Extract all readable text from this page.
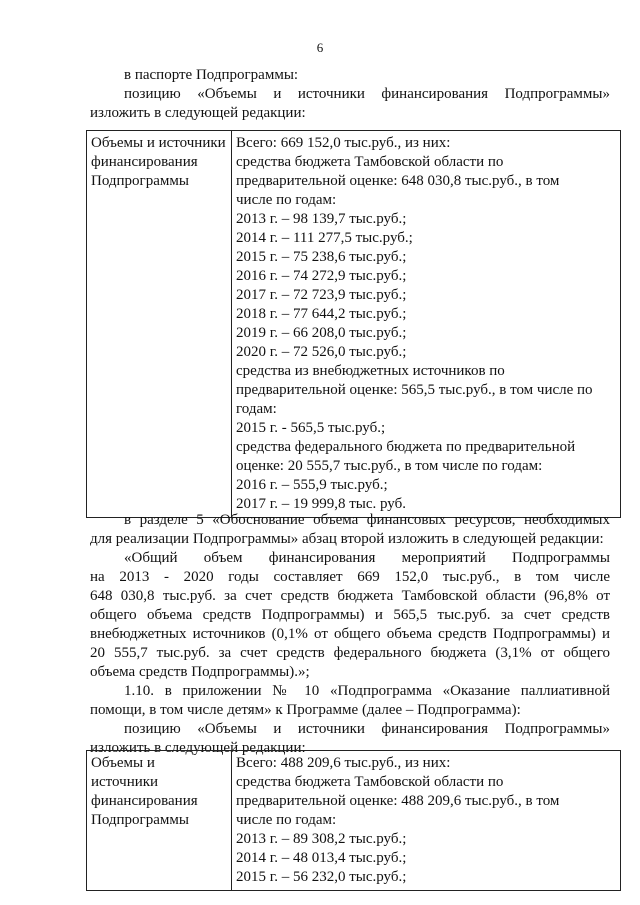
6
в паспорте Подпрограммы:
позицию «Объемы и источники финансирования Подпрограммы»
изложить в следующей редакции:
Объемы и источники
финансирования
Подпрограммы

Всего: 669 152,0 тыс.руб., из них:
средства бюджета Тамбовской области по
предварительной оценке: 648 030,8 тыс.руб., в том
числе по годам:
2013 г. – 98 139,7 тыс.руб.;
2014 г. – 111 277,5 тыс.руб.;
2015 г. – 75 238,6 тыс.руб.;
2016 г. – 74 272,9 тыс.руб.;
2017 г. – 72 723,9 тыс.руб.;
2018 г. – 77 644,2 тыс.руб.;
2019 г. – 66 208,0 тыс.руб.;
2020 г. – 72 526,0 тыс.руб.;
средства из внебюджетных источников по
предварительной оценке: 565,5 тыс.руб., в том числе по
годам:
2015 г. - 565,5 тыс.руб.;
средства федерального бюджета по предварительной
оценке: 20 555,7 тыс.руб., в том числе по годам:
2016 г. – 555,9 тыс.руб.;
2017 г. – 19 999,8 тыс. руб.
в разделе 5 «Обоснование объема финансовых ресурсов, необходимых
для реализации Подпрограммы» абзац второй изложить в следующей редакции:
«Общий объем финансирования мероприятий Подпрограммы
на 2013 - 2020 годы составляет 669 152,0 тыс.руб., в том числе
648 030,8 тыс.руб. за счет средств бюджета Тамбовской области (96,8% от
общего объема средств Подпрограммы) и 565,5 тыс.руб. за счет средств
внебюджетных источников (0,1% от общего объема средств Подпрограммы) и
20 555,7 тыс.руб. за счет средств федерального бюджета (3,1% от общего
объема средств Подпрограммы).»;
1.10. в приложении № 10 «Подпрограмма «Оказание паллиативной
помощи, в том числе детям» к Программе (далее – Подпрограмма):
позицию «Объемы и источники финансирования Подпрограммы»
изложить в следующей редакции:
Объемы и
источники
финансирования
Подпрограммы

Всего: 488 209,6 тыс.руб., из них:
средства бюджета Тамбовской области по
предварительной оценке: 488 209,6 тыс.руб., в том
числе по годам:
2013 г. – 89 308,2 тыс.руб.;
2014 г. – 48 013,4 тыс.руб.;
2015 г. – 56 232,0 тыс.руб.;
